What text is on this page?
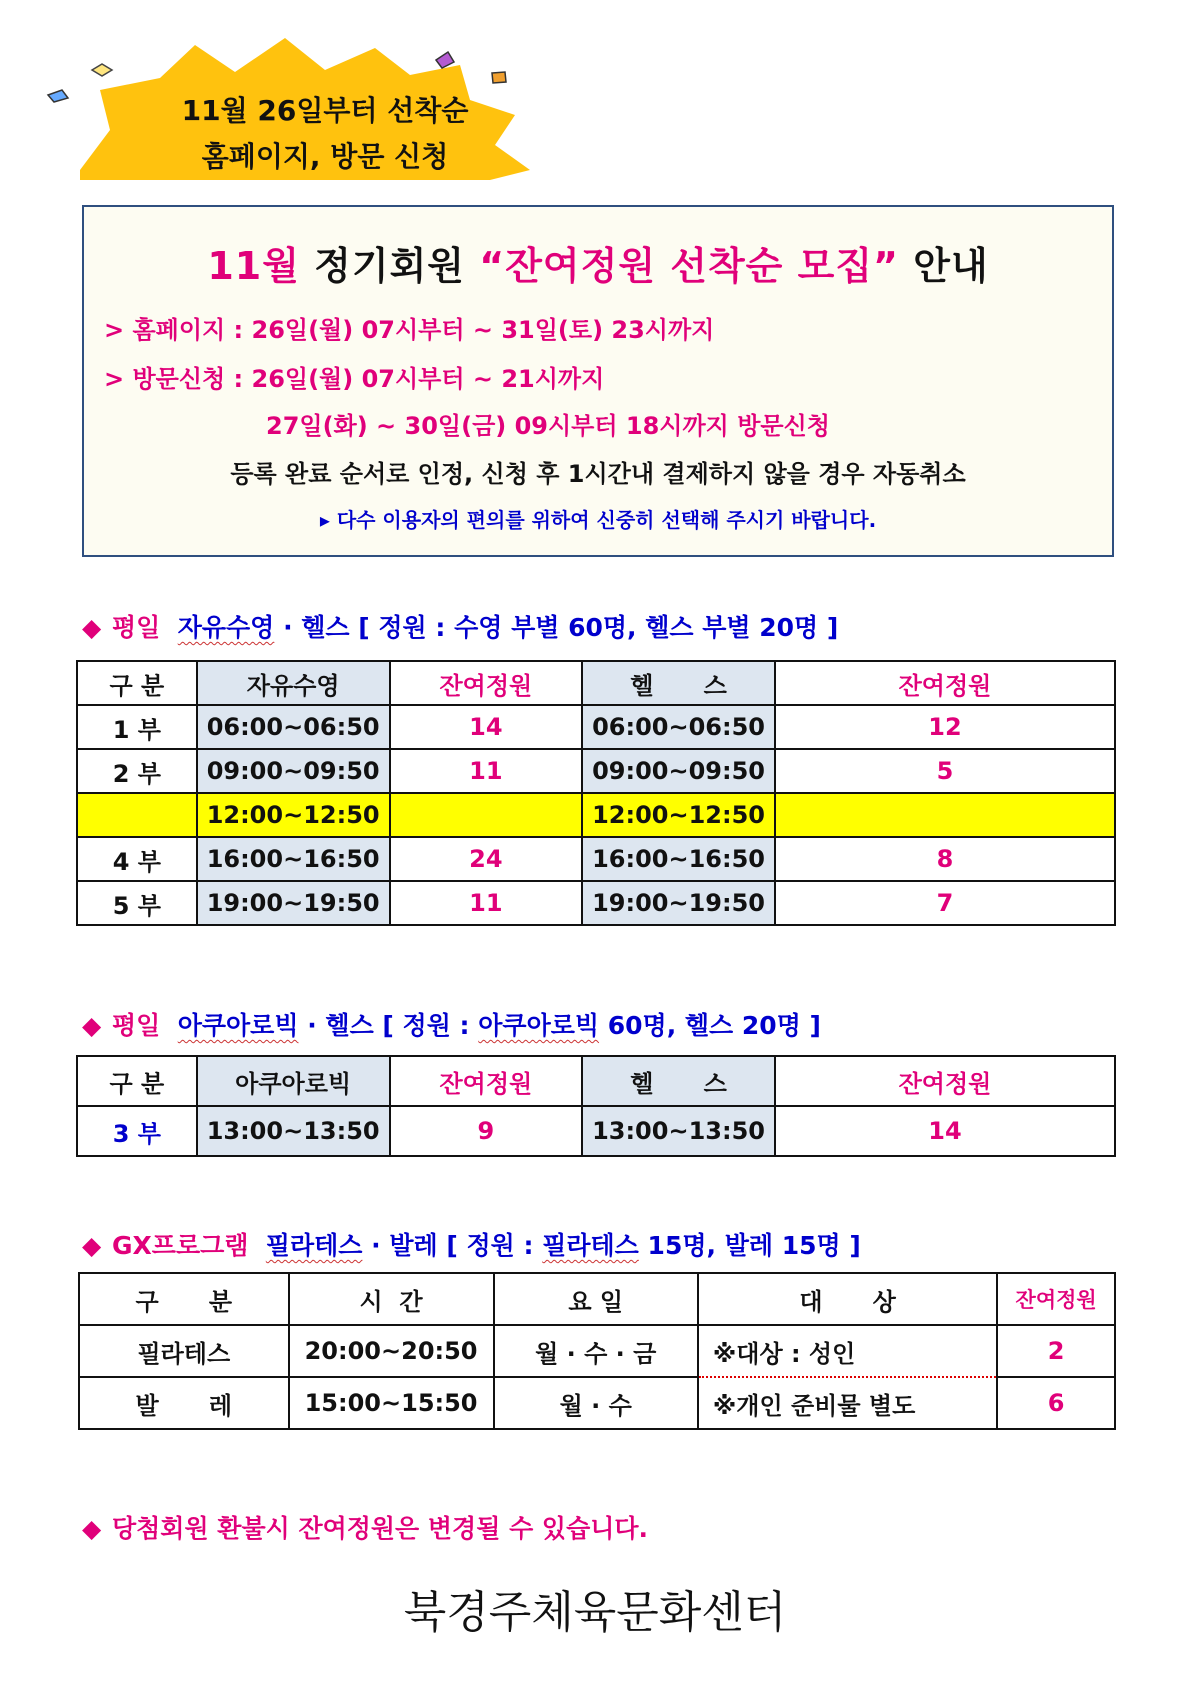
11월 26일부터 선착순
홈페이지, 방문 신청
11월 정기회원 “잔여정원 선착순 모집” 안내
> 홈페이지 : 26일(월) 07시부터 ~ 31일(토) 23시까지
> 방문신청 : 26일(월) 07시부터 ~ 21시까지
27일(화) ~ 30일(금) 09시부터 18시까지 방문신청
등록 완료 순서로 인정, 신청 후 1시간내 결제하지 않을 경우 자동취소
▸ 다수 이용자의 편의를 위하여 신중히 선택해 주시기 바랍니다.
◆ 평일 자유수영 · 헬스 [ 정원 : 수영 부별 60명, 헬스 부별 20명 ]
구 분	자유수영	잔여정원	헬      스	잔여정원
1 부	06:00~06:50	14	06:00~06:50	12
2 부	09:00~09:50	11	09:00~09:50	5
	12:00~12:50		12:00~12:50	
4 부	16:00~16:50	24	16:00~16:50	8
5 부	19:00~19:50	11	19:00~19:50	7
◆ 평일 아쿠아로빅 · 헬스 [ 정원 : 아쿠아로빅 60명, 헬스 20명 ]
구 분	아쿠아로빅	잔여정원	헬      스	잔여정원
3 부	13:00~13:50	9	13:00~13:50	14
◆ GX프로그램 필라테스 · 발레 [ 정원 : 필라테스 15명, 발레 15명 ]
구      분	시  간	요 일	대      상	잔여정원
필라테스	20:00~20:50	월 · 수 · 금	※대상 : 성인	2
발      레	15:00~15:50	월 · 수	※개인 준비물 별도	6
◆ 당첨회원 환불시 잔여정원은 변경될 수 있습니다.
북경주체육문화센터
